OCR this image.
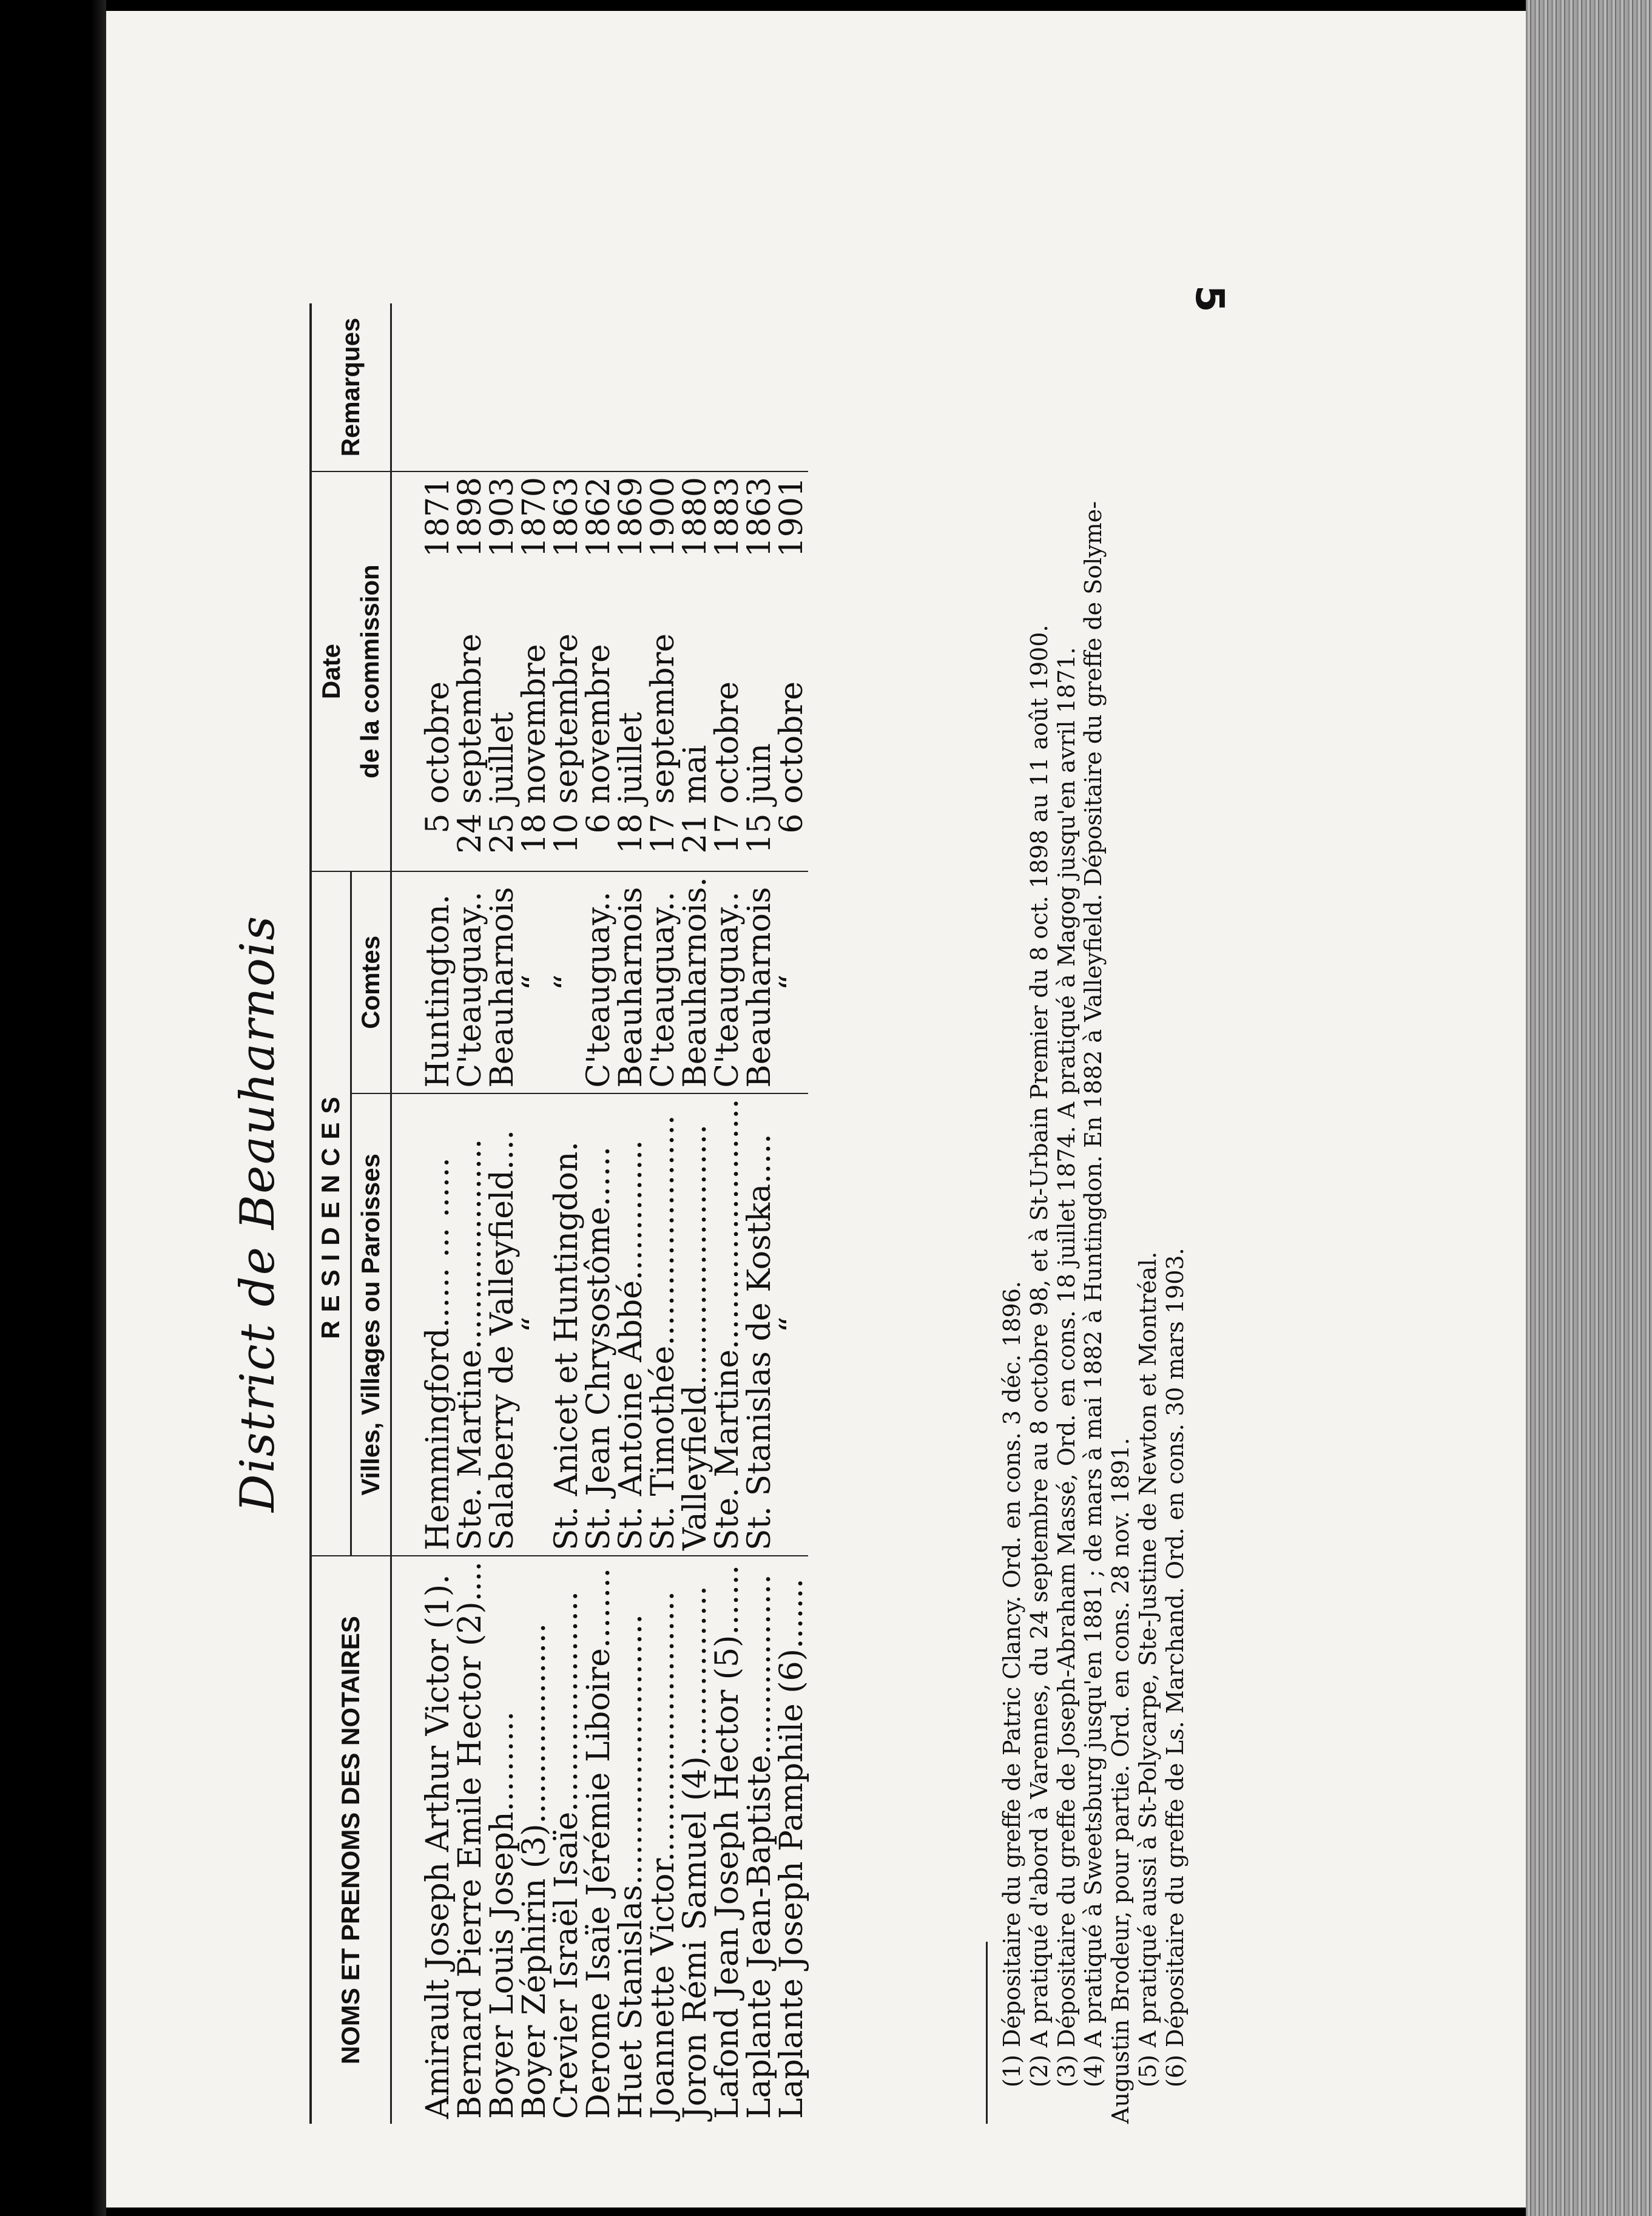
5
District de Beauharnois
NOMS ET PRENOMS DES NOTAIRES	RESIDENCES		Date			Remarques
	Villes, Villages ou Paroisses	Comtes	de la commission			

Amirault Joseph Arthur Victor (1).	Hemmingford...... ... ......	Huntington.	5	octobre	1871	
Bernard Pierre Emile Hector (2)....	Ste. Martine.....................	C'teauguay..	24	septembre	1898	
Boyer Louis Joseph..........	Salaberry de Valleyfield....	Beauharnois	25	juillet	1903	
Boyer Zéphirin (3)....................	“	“	18	novembre	1870	
Crevier Israël Isaïe......................	St. Anicet et Huntingdon.	“	10	septembre	1863	
Derome Isaïe Jérémie Liboire........	St. Jean Chrysostôme......	C'teauguay..	6	novembre	1862	
Huet Stanislas...........................	St. Antoine Abbé..............	Beauharnois	18	juillet	1869	
Joannette Victor...........................	St. Timothée.......................	C'teauguay..	17	septembre	1900	
Joron Rémi Samuel (4).................	Valleyfield..........................	Beauharnois.	21	mai	1880	
Lafond Jean Joseph Hector (5).......	Ste. Martine.........................	C'teauguay..	17	octobre	1883	
Laplante Jean-Baptiste..................	St. Stanislas de Kostka.....	Beauharnois	15	juin	1863	
Laplante Joseph Pamphile (6).......	“	“	6	octobre	1901	
(1) Dépositaire du greffe de Patric Clancy. Ord. en cons. 3 déc. 1896. (2) A pratiqué d'abord à Varennes, du 24 septembre au 8 octobre 98, et à St-Urbain Premier du 8 oct. 1898 au 11 août 1900. (3) Dépositaire du greffe de Joseph-Abraham Massé, Ord. en cons. 18 juillet 1874. A pratiqué à Magog jusqu'en avril 1871. (4) A pratiqué à Sweetsburg jusqu'en 1881 ; de mars à mai 1882 à Huntingdon. En 1882 à Valleyfield. Dépositaire du greffe de Solyme- Augustin Brodeur, pour partie. Ord. en cons. 28 nov. 1891. (5) A pratiqué aussi à St-Polycarpe, Ste-Justine de Newton et Montréal. (6) Dépositaire du greffe de Ls. Marchand. Ord. en cons. 30 mars 1903.
